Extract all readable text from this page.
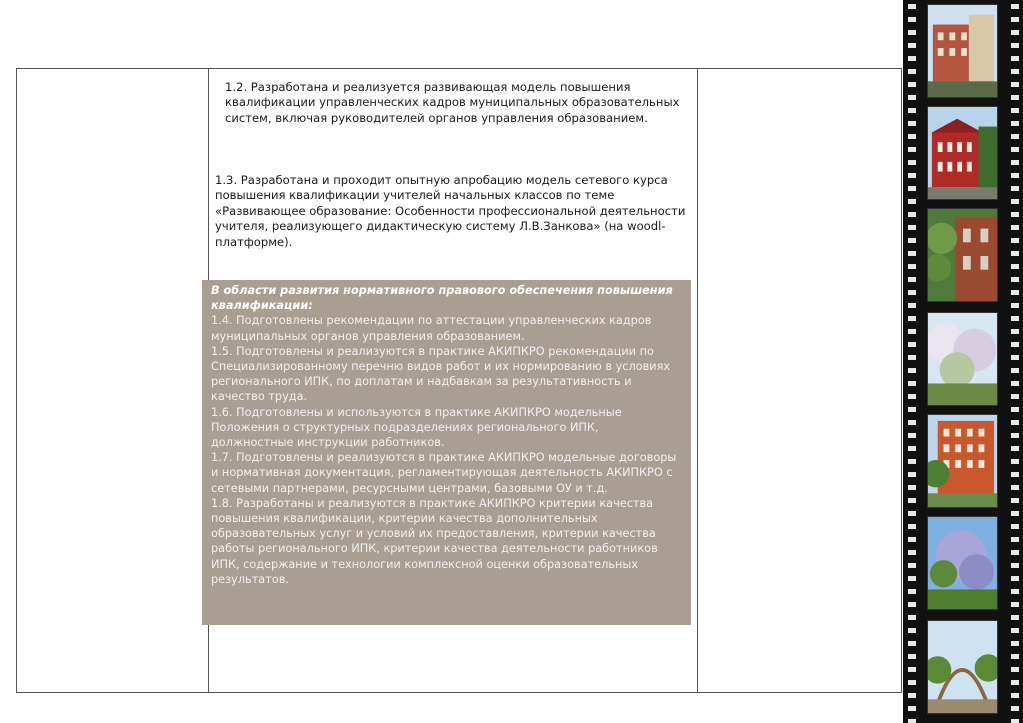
1.2. Разработана и реализуется развивающая модель повышения квалификации управленческих кадров муниципальных образовательных систем, включая руководителей органов управления образованием.
1.3. Разработана и проходит опытную апробацию модель сетевого курса повышения квалификации учителей начальных классов по теме «Развивающее образование: Особенности профессиональной деятельности учителя, реализующего дидактическую систему Л.В.Занкова» (на woodl-платформе).
В области развития нормативного правового обеспечения повышения квалификации:

1.4. Подготовлены рекомендации по аттестации управленческих кадров муниципальных органов управления образованием.

1.5. Подготовлены и реализуются в практике АКИПКРО рекомендации по Специализированному перечню видов работ и их нормированию в условиях регионального ИПК, по доплатам и надбавкам за результативность и качество труда.

1.6. Подготовлены и используются в практике АКИПКРО модельные Положения о структурных подразделениях регионального ИПК, должностные инструкции работников.

1.7. Подготовлены и реализуются в практике АКИПКРО модельные договоры и нормативная документация, регламентирующая деятельность АКИПКРО с сетевыми партнерами, ресурсными центрами, базовыми ОУ и т.д.

1.8. Разработаны и реализуются в практике АКИПКРО критерии качества повышения квалификации, критерии качества дополнительных образовательных услуг и условий их предоставления, критерии качества работы регионального ИПК, критерии качества деятельности работников ИПК, содержание и технологии комплексной оценки образовательных результатов.
